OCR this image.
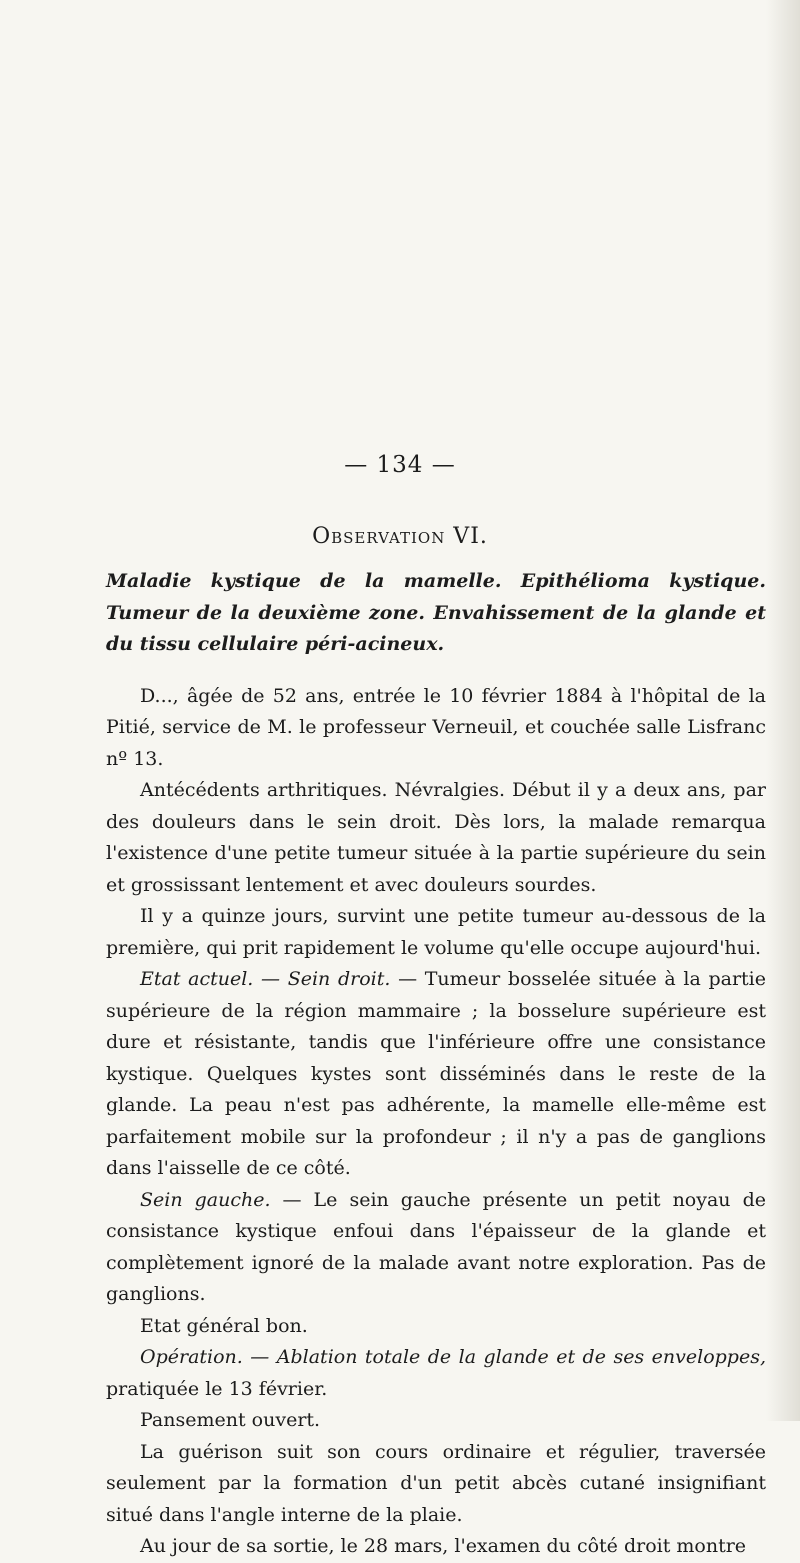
— 134 —
Observation VI.

Maladie kystique de la mamelle. Epithélioma kystique. Tumeur de la deuxième zone. Envahissement de la glande et du tissu cellulaire péri-acineux.

D..., âgée de 52 ans, entrée le 10 février 1884 à l'hôpital de la Pitié, service de M. le professeur Verneuil, et couchée salle Lisfranc nº 13.

Antécédents arthritiques. Névralgies. Début il y a deux ans, par des douleurs dans le sein droit. Dès lors, la malade remarqua l'existence d'une petite tumeur située à la partie supérieure du sein et grossissant lentement et avec douleurs sourdes.

Il y a quinze jours, survint une petite tumeur au-dessous de la première, qui prit rapidement le volume qu'elle occupe aujourd'hui.

Etat actuel. — Sein droit. — Tumeur bosselée située à la partie supérieure de la région mammaire ; la bosselure supérieure est dure et résistante, tandis que l'inférieure offre une consistance kystique. Quelques kystes sont disséminés dans le reste de la glande. La peau n'est pas adhérente, la mamelle elle-même est parfaitement mobile sur la profondeur ; il n'y a pas de ganglions dans l'aisselle de ce côté.

Sein gauche. — Le sein gauche présente un petit noyau de consistance kystique enfoui dans l'épaisseur de la glande et complètement ignoré de la malade avant notre exploration. Pas de ganglions.

Etat général bon.

Opération. — Ablation totale de la glande et de ses enveloppes, pratiquée le 13 février.

Pansement ouvert.

La guérison suit son cours ordinaire et régulier, traversée seulement par la formation d'un petit abcès cutané insignifiant situé dans l'angle interne de la plaie.

Au jour de sa sortie, le 28 mars, l'examen du côté droit montre
